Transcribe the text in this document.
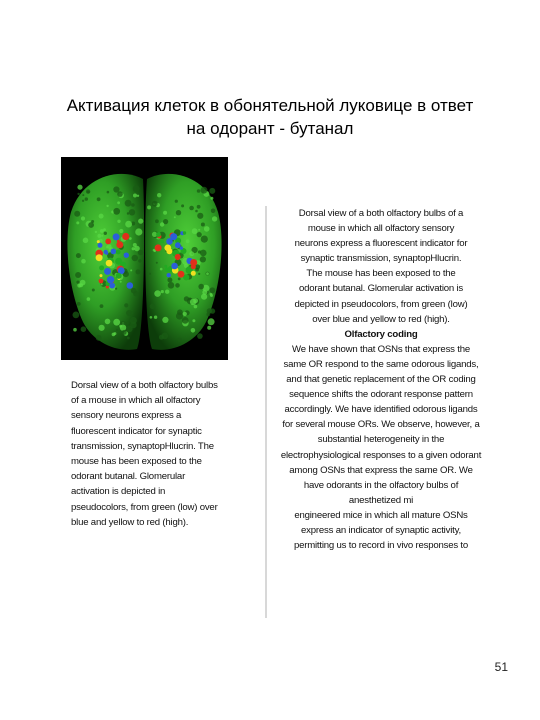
Активация клеток в обонятельной луковице в ответ
на одорант - бутанал
Dorsal view of a both olfactory bulbs
of a mouse in which all olfactory
sensory neurons express a
fluorescent indicator for synaptic
transmission, synaptopHlucrin. The
mouse has been exposed to the
odorant butanal. Glomerular
activation is depicted in
pseudocolors, from green (low) over
blue and yellow to red (high).
Dorsal view of a both olfactory bulbs of a
mouse in which all olfactory sensory
neurons express a fluorescent indicator for
synaptic transmission, synaptopHlucrin.
The mouse has been exposed to the
odorant butanal. Glomerular activation is
depicted in pseudocolors, from green (low)
over blue and yellow to red (high).
Olfactory coding
We have shown that OSNs that express the
same OR respond to the same odorous ligands,
and that genetic replacement of the OR coding
sequence shifts the odorant response pattern
accordingly. We have identified odorous ligands
for several mouse ORs. We observe, however, a
substantial heterogeneity in the
electrophysiological responses to a given odorant
among OSNs that express the same OR. We
have odorants in the olfactory bulbs of
anesthetized mi
engineered mice in which all mature OSNs
express an indicator of synaptic activity,
permitting us to record in vivo responses to
51
